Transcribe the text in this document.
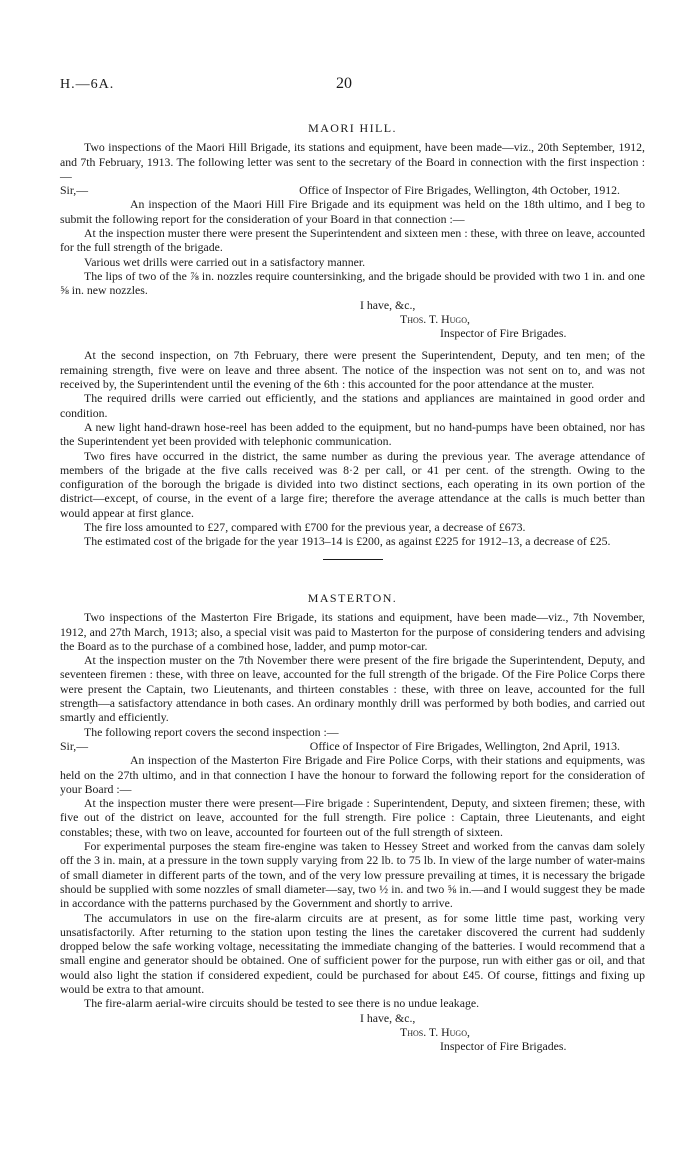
H.—6A.	20
MAORI HILL.

Two inspections of the Maori Hill Brigade, its stations and equipment, have been made—viz., 20th September, 1912, and 7th February, 1913. The following letter was sent to the secretary of the Board in connection with the first inspection :—

Sir,—	Office of Inspector of Fire Brigades, Wellington, 4th October, 1912.

An inspection of the Maori Hill Fire Brigade and its equipment was held on the 18th ultimo, and I beg to submit the following report for the consideration of your Board in that connection :—

At the inspection muster there were present the Superintendent and sixteen men : these, with three on leave, accounted for the full strength of the brigade.

Various wet drills were carried out in a satisfactory manner.

The lips of two of the ⅞ in. nozzles require countersinking, and the brigade should be provided with two 1 in. and one ⅝ in. new nozzles.

I have, &c.,
Thos. T. Hugo,
Inspector of Fire Brigades.

At the second inspection, on 7th February, there were present the Superintendent, Deputy, and ten men; of the remaining strength, five were on leave and three absent. The notice of the inspection was not sent on to, and was not received by, the Superintendent until the evening of the 6th : this accounted for the poor attendance at the muster.

The required drills were carried out efficiently, and the stations and appliances are maintained in good order and condition.

A new light hand-drawn hose-reel has been added to the equipment, but no hand-pumps have been obtained, nor has the Superintendent yet been provided with telephonic communication.

Two fires have occurred in the district, the same number as during the previous year. The average attendance of members of the brigade at the five calls received was 8·2 per call, or 41 per cent. of the strength. Owing to the configuration of the borough the brigade is divided into two distinct sections, each operating in its own portion of the district—except, of course, in the event of a large fire; therefore the average attendance at the calls is much better than would appear at first glance.

The fire loss amounted to £27, compared with £700 for the previous year, a decrease of £673.

The estimated cost of the brigade for the year 1913–14 is £200, as against £225 for 1912–13, a decrease of £25.

MASTERTON.

Two inspections of the Masterton Fire Brigade, its stations and equipment, have been made—viz., 7th November, 1912, and 27th March, 1913; also, a special visit was paid to Masterton for the purpose of considering tenders and advising the Board as to the purchase of a combined hose, ladder, and pump motor-car.

At the inspection muster on the 7th November there were present of the fire brigade the Superintendent, Deputy, and seventeen firemen : these, with three on leave, accounted for the full strength of the brigade. Of the Fire Police Corps there were present the Captain, two Lieutenants, and thirteen constables : these, with three on leave, accounted for the full strength—a satisfactory attendance in both cases. An ordinary monthly drill was performed by both bodies, and carried out smartly and efficiently.

The following report covers the second inspection :—

Sir,—	Office of Inspector of Fire Brigades, Wellington, 2nd April, 1913.

An inspection of the Masterton Fire Brigade and Fire Police Corps, with their stations and equipments, was held on the 27th ultimo, and in that connection I have the honour to forward the following report for the consideration of your Board :—

At the inspection muster there were present—Fire brigade : Superintendent, Deputy, and sixteen firemen; these, with five out of the district on leave, accounted for the full strength. Fire police : Captain, three Lieutenants, and eight constables; these, with two on leave, accounted for fourteen out of the full strength of sixteen.

For experimental purposes the steam fire-engine was taken to Hessey Street and worked from the canvas dam solely off the 3 in. main, at a pressure in the town supply varying from 22 lb. to 75 lb. In view of the large number of water-mains of small diameter in different parts of the town, and of the very low pressure prevailing at times, it is necessary the brigade should be supplied with some nozzles of small diameter—say, two ½ in. and two ⅝ in.—and I would suggest they be made in accordance with the patterns purchased by the Government and shortly to arrive.

The accumulators in use on the fire-alarm circuits are at present, as for some little time past, working very unsatisfactorily. After returning to the station upon testing the lines the caretaker discovered the current had suddenly dropped below the safe working voltage, necessitating the immediate changing of the batteries. I would recommend that a small engine and generator should be obtained. One of sufficient power for the purpose, run with either gas or oil, and that would also light the station if considered expedient, could be purchased for about £45. Of course, fittings and fixing up would be extra to that amount.

The fire-alarm aerial-wire circuits should be tested to see there is no undue leakage.

I have, &c.,
Thos. T. Hugo,
Inspector of Fire Brigades.
